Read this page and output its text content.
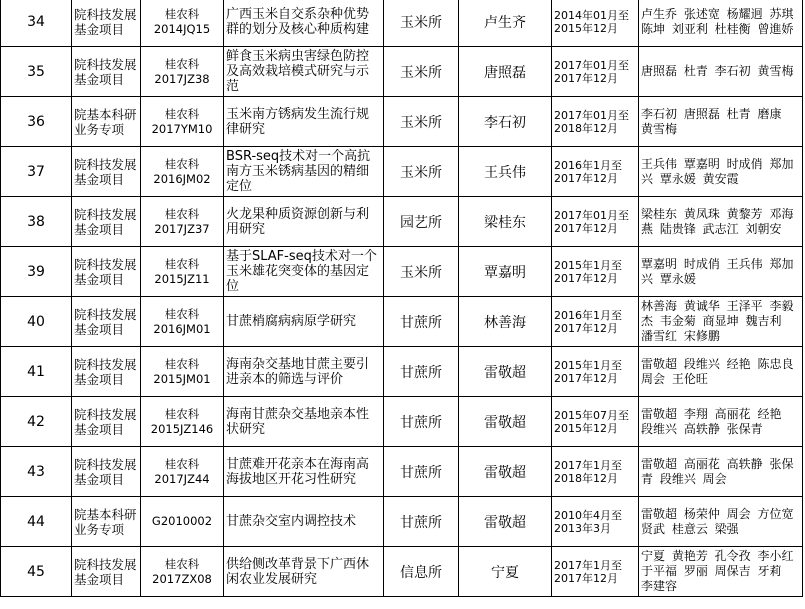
34	院科技发展基金项目	桂农科2014JQ15	广西玉米自交系杂种优势群的划分及核心种质构建	玉米所	卢生齐	2014年01月至2015年12月	卢生乔 张述宽 杨耀迥 苏琪 陈坤 刘亚利 杜桂衡 曾進娇
35	院科技发展基金项目	桂农科2017JZ38	鲜食玉米病虫害绿色防控及高效栽培模式研究与示范	玉米所	唐照磊	2017年01月至2017年12月	唐照磊 杜青 李石初 黄雪梅
36	院基本科研业务专项	桂农科2017YM10	玉米南方锈病发生流行规律研究	玉米所	李石初	2017年01月至2018年12月	李石初 唐照磊 杜青 磨康 黄雪梅
37	院科技发展基金项目	桂农科2016JM02	BSR-seq技术对一个高抗南方玉米锈病基因的精细定位	玉米所	王兵伟	2016年1月至2017年12月	王兵伟 覃嘉明 时成俏 郑加兴 覃永媛 黄安霞
38	院科技发展基金项目	桂农科2017JZ37	火龙果种质资源创新与利用研究	园艺所	梁桂东	2017年01月至2017年12月	梁桂东 黄凤珠 黄黎芳 邓海燕 陆贵锋 武志江 刘朝安
39	院科技发展基金项目	桂农科2015JZ11	基于SLAF-seq技术对一个玉米雄花突变体的基因定位	玉米所	覃嘉明	2015年1月至2017年12月	覃嘉明 时成俏 王兵伟 郑加兴 覃永媛
40	院科技发展基金项目	桂农科2016JM01	甘蔗梢腐病病原学研究	甘蔗所	林善海	2016年1月至2017年12月	林善海 黄诚华 王泽平 李毅杰 韦金菊 商显坤 魏吉利 潘雪红 宋修鹏
41	院科技发展基金项目	桂农科2015JM01	海南杂交基地甘蔗主要引进亲本的筛选与评价	甘蔗所	雷敬超	2015年1月至2017年12月	雷敬超 段维兴 经艳 陈忠良 周会 王伦旺
42	院科技发展基金项目	桂农科2015JZ146	海南甘蔗杂交基地亲本性状研究	甘蔗所	雷敬超	2015年07月至2015年12月	雷敬超 李翔 高丽花 经艳 段维兴 高轶静 张保青
43	院科技发展基金项目	桂农科2017JZ44	甘蔗难开花亲本在海南高海拔地区开花习性研究	甘蔗所	雷敬超	2017年1月至2018年12月	雷敬超 高丽花 高轶静 张保青 段维兴 周会
44	院基本科研业务专项	G2010002	甘蔗杂交室内调控技术	甘蔗所	雷敬超	2010年4月至2013年3月	雷敬超 杨荣仲 周会 方位宽 贤武 桂意云 梁强
45	院科技发展基金项目	桂农科2017ZX08	供给侧改革背景下广西休闲农业发展研究	信息所	宁夏	2017年1月至2017年12月	宁夏 黄艳芳 孔令孜 李小红 于平福 罗丽 周保吉 牙莉 李建容
